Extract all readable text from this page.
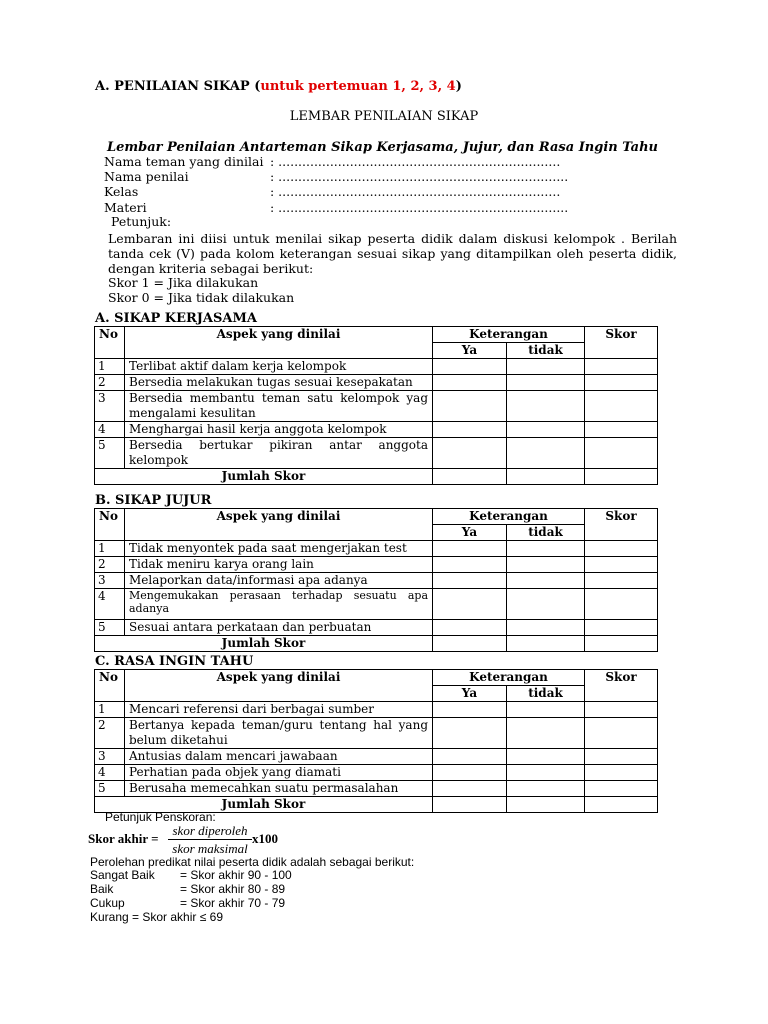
A. PENILAIAN SIKAP (untuk pertemuan 1, 2, 3, 4)
LEMBAR PENILAIAN SIKAP
Lembar Penilaian Antarteman Sikap Kerjasama, Jujur, dan Rasa Ingin Tahu
Nama teman yang dinilai : .......................................................................
Nama penilai	: .........................................................................
Kelas	: .......................................................................
Materi	: .........................................................................
Petunjuk:
Lembaran ini diisi untuk menilai sikap peserta didik dalam diskusi kelompok . Berilah tanda cek (V) pada kolom keterangan sesuai sikap yang ditampilkan oleh peserta didik, dengan kriteria sebagai berikut:
Skor 1 = Jika dilakukan
Skor 0 = Jika tidak dilakukan
A. SIKAP KERJASAMA
No	Aspek yang dinilai	Keterangan		Skor
		Ya	tidak	
1	Terlibat aktif dalam kerja kelompok			
2	Bersedia melakukan tugas sesuai kesepakatan			
3	Bersedia membantu teman satu kelompok yag
mengalami kesulitan			

4	Menghargai hasil kerja anggota kelompok			
5	Bersedia bertukar pikiran antar anggota
kelompok			

Jumlah Skor				
B. SIKAP JUJUR
No	Aspek yang dinilai	Keterangan		Skor
		Ya	tidak	
1	Tidak menyontek pada saat mengerjakan test			
2	Tidak meniru karya orang lain			
3	Melaporkan data/informasi apa adanya			
4	Mengemukakan perasaan terhadap sesuatu apa
adanya			

5	Sesuai antara perkataan dan perbuatan			
Jumlah Skor				
C. RASA INGIN TAHU
No	Aspek yang dinilai	Keterangan		Skor
		Ya	tidak	
1	Mencari referensi dari berbagai sumber			
2	Bertanya kepada teman/guru tentang hal yang
belum diketahui			

3	Antusias dalam mencari jawabaan			
4	Perhatian pada objek yang diamati			
5	Berusaha memecahkan suatu permasalahan			
Jumlah Skor				
Petunjuk Penskoran:
Skor akhir =
skor diperoleh
skor maksimal
x100
Perolehan predikat nilai peserta didik adalah sebagai berikut:
Sangat Baik = Skor akhir 90 - 100
Baik	= Skor akhir 80 - 89
Cukup	= Skor akhir 70 - 79
Kurang = Skor akhir ≤ 69
